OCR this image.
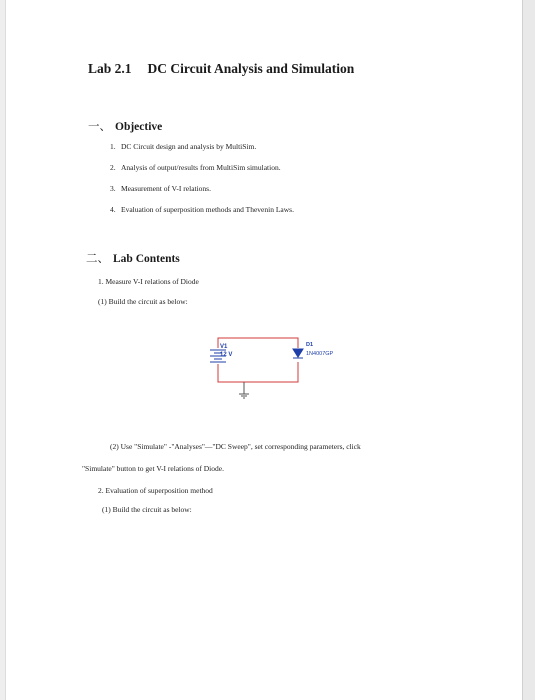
Lab 2.1 DC Circuit Analysis and Simulation
一、 Objective
1. DC Circuit design and analysis by MultiSim.
2. Analysis of output/results from MultiSim simulation.
3. Measurement of V-I relations.
4. Evaluation of superposition methods and Thevenin Laws.
二、 Lab Contents
1. Measure V-I relations of Diode
(1) Build the circuit as below:
V1
12 V
D1
1N4007GP
(2) Use "Simulate" -"Analyses"—"DC Sweep", set corresponding parameters, click
"Simulate" button to get V-I relations of Diode.
2. Evaluation of superposition method
(1) Build the circuit as below:
